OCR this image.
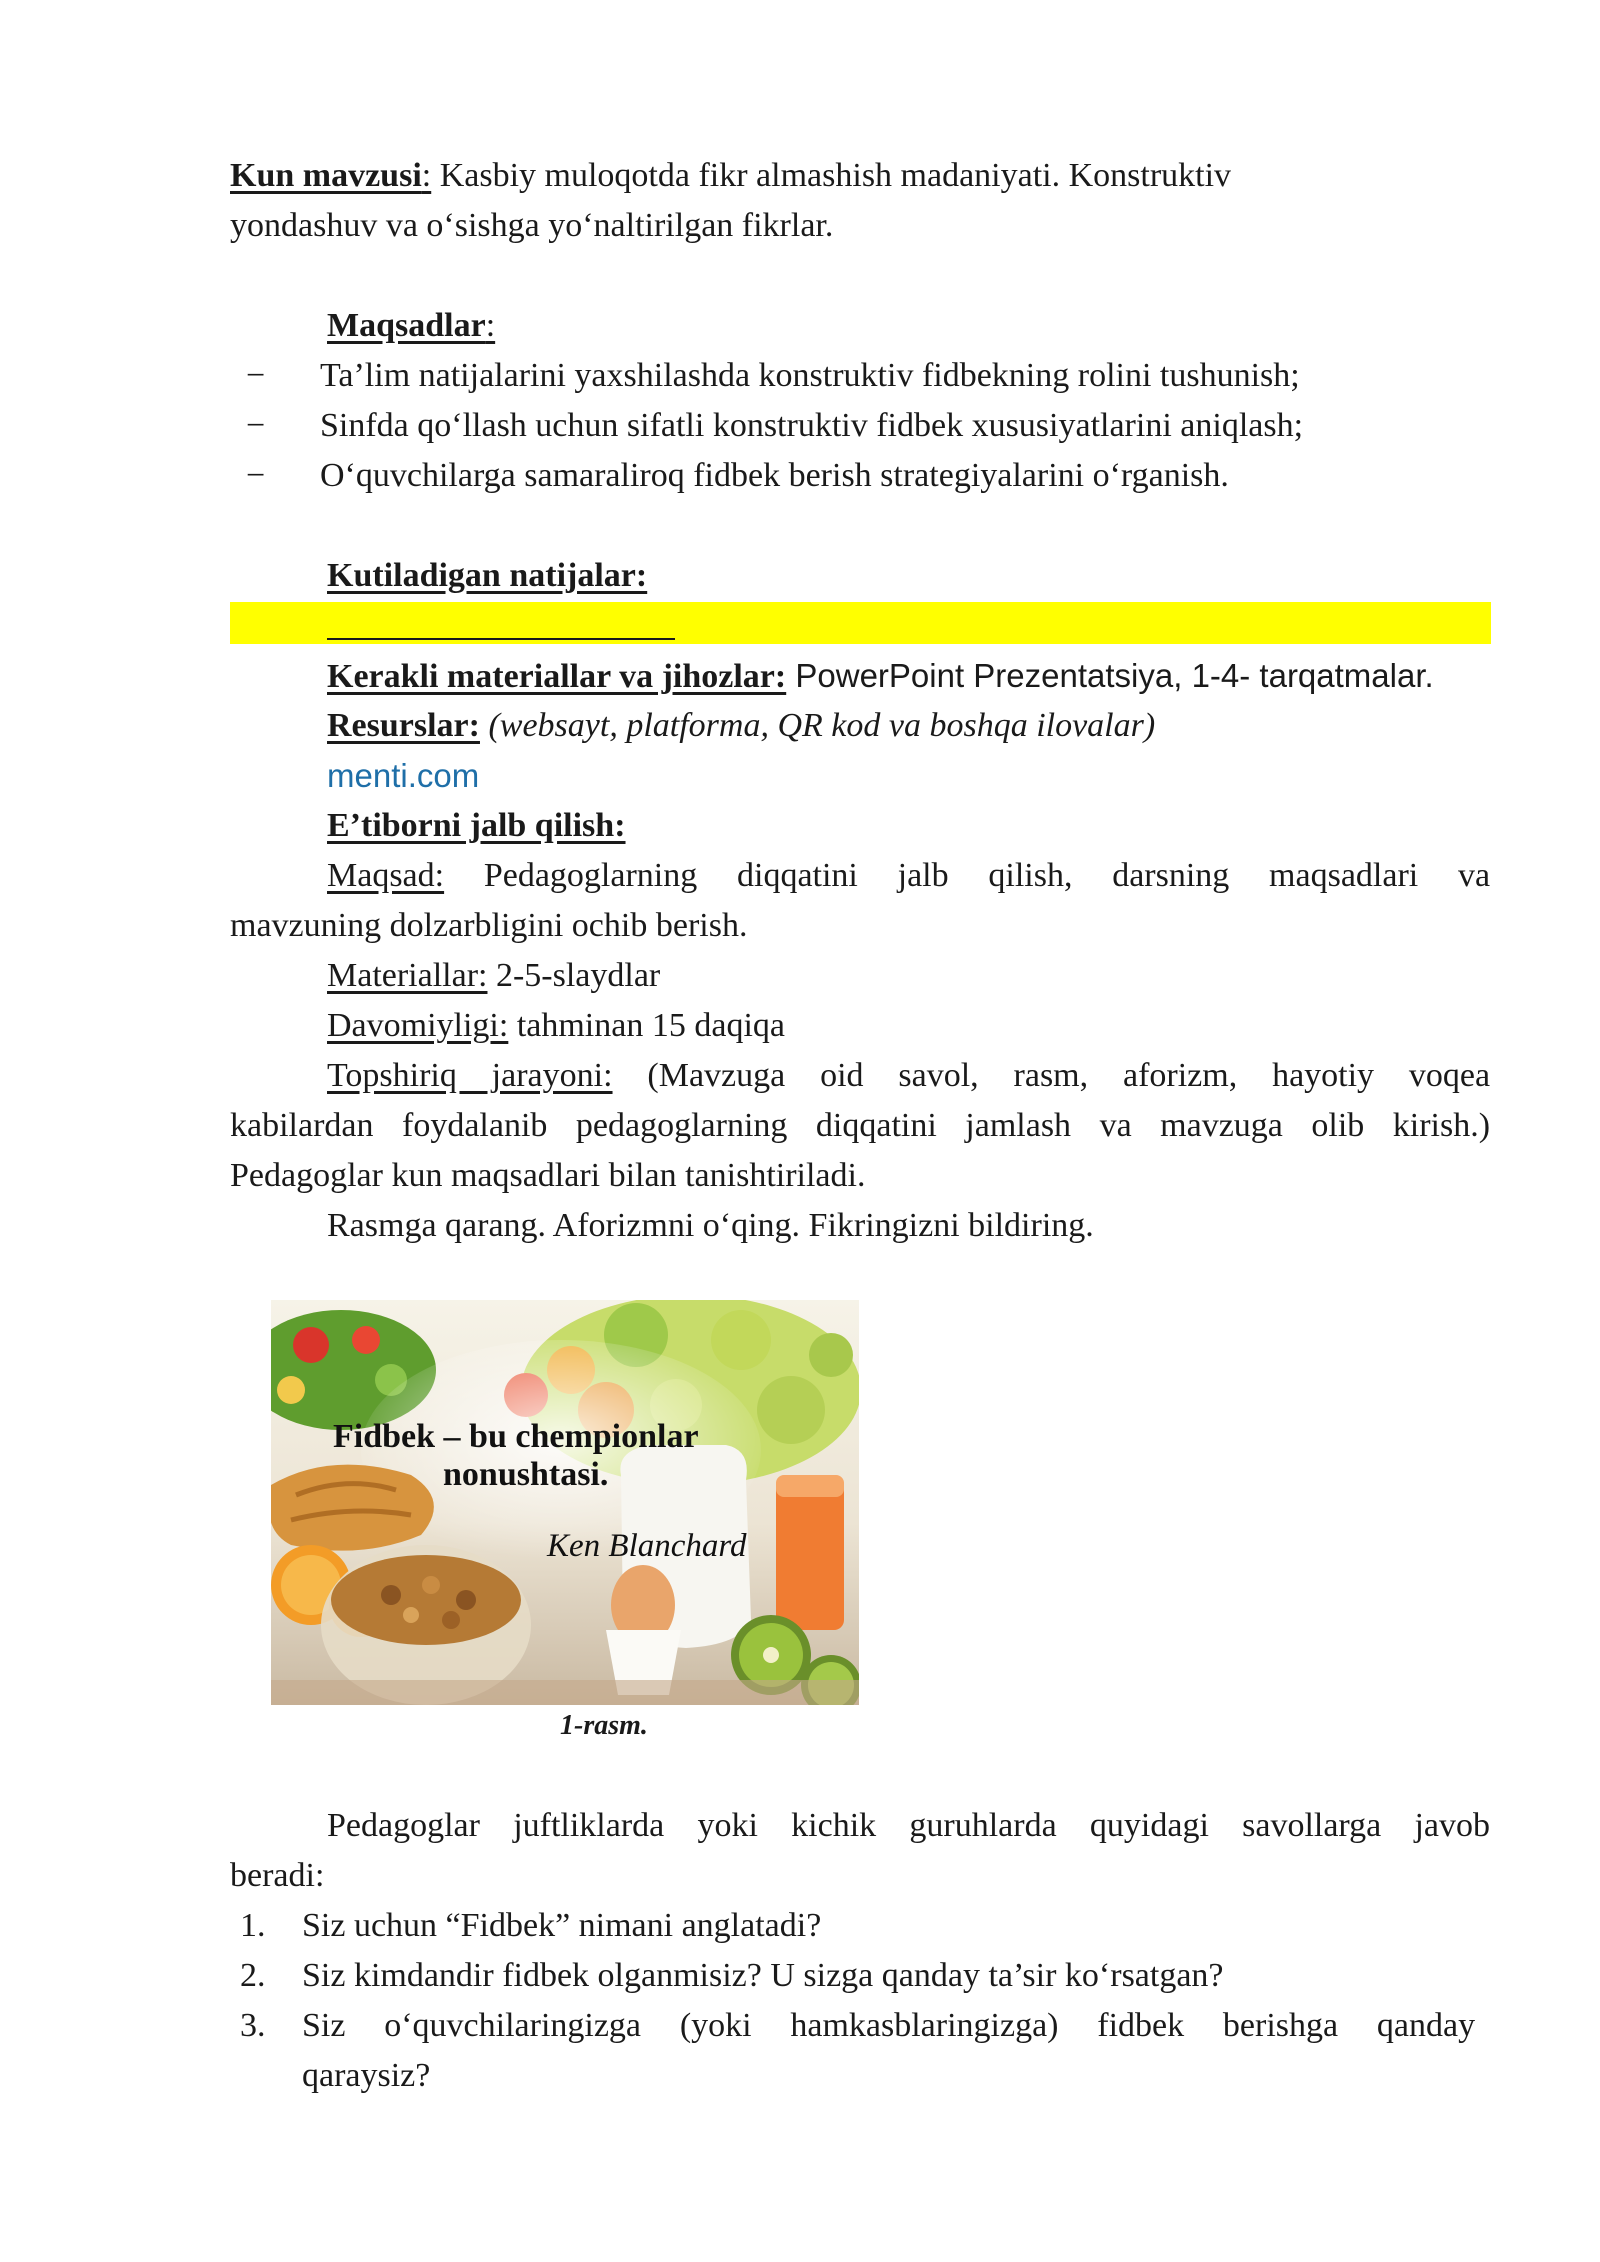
Kun mavzusi: Kasbiy muloqotda fikr almashish madaniyati. Konstruktiv
yondashuv va o‘sishga yo‘naltirilgan fikrlar.
Maqsadlar:
− Ta’lim natijalarini yaxshilashda konstruktiv fidbekning rolini tushunish;
− Sinfda qo‘llash uchun sifatli konstruktiv fidbek xususiyatlarini aniqlash;
− O‘quvchilarga samaraliroq fidbek berish strategiyalarini o‘rganish.
Kutiladigan natijalar:
Kerakli materiallar va jihozlar: PowerPoint Prezentatsiya, 1-4- tarqatmalar.
Resurslar: (websayt, platforma, QR kod va boshqa ilovalar)
menti.com
E’tiborni jalb qilish:
Maqsad: Pedagoglarning diqqatini jalb qilish, darsning maqsadlari va
mavzuning dolzarbligini ochib berish.
Materiallar: 2-5-slaydlar
Davomiyligi: tahminan 15 daqiqa
Topshiriq jarayoni: (Mavzuga oid savol, rasm, aforizm, hayotiy voqea
kabilardan foydalanib pedagoglarning diqqatini jamlash va mavzuga olib kirish.)
Pedagoglar kun maqsadlari bilan tanishtiriladi.
Rasmga qarang. Aforizmni o‘qing. Fikringizni bildiring.
Fidbek – bu chempionlar
nonushtasi.
Ken Blanchard
1-rasm.
Pedagoglar juftliklarda yoki kichik guruhlarda quyidagi savollarga javob
beradi:
1. Siz uchun “Fidbek” nimani anglatadi?
2. Siz kimdandir fidbek olganmisiz? U sizga qanday ta’sir ko‘rsatgan?
3. Siz o‘quvchilaringizga (yoki hamkasblaringizga) fidbek berishga qanday
qaraysiz?
